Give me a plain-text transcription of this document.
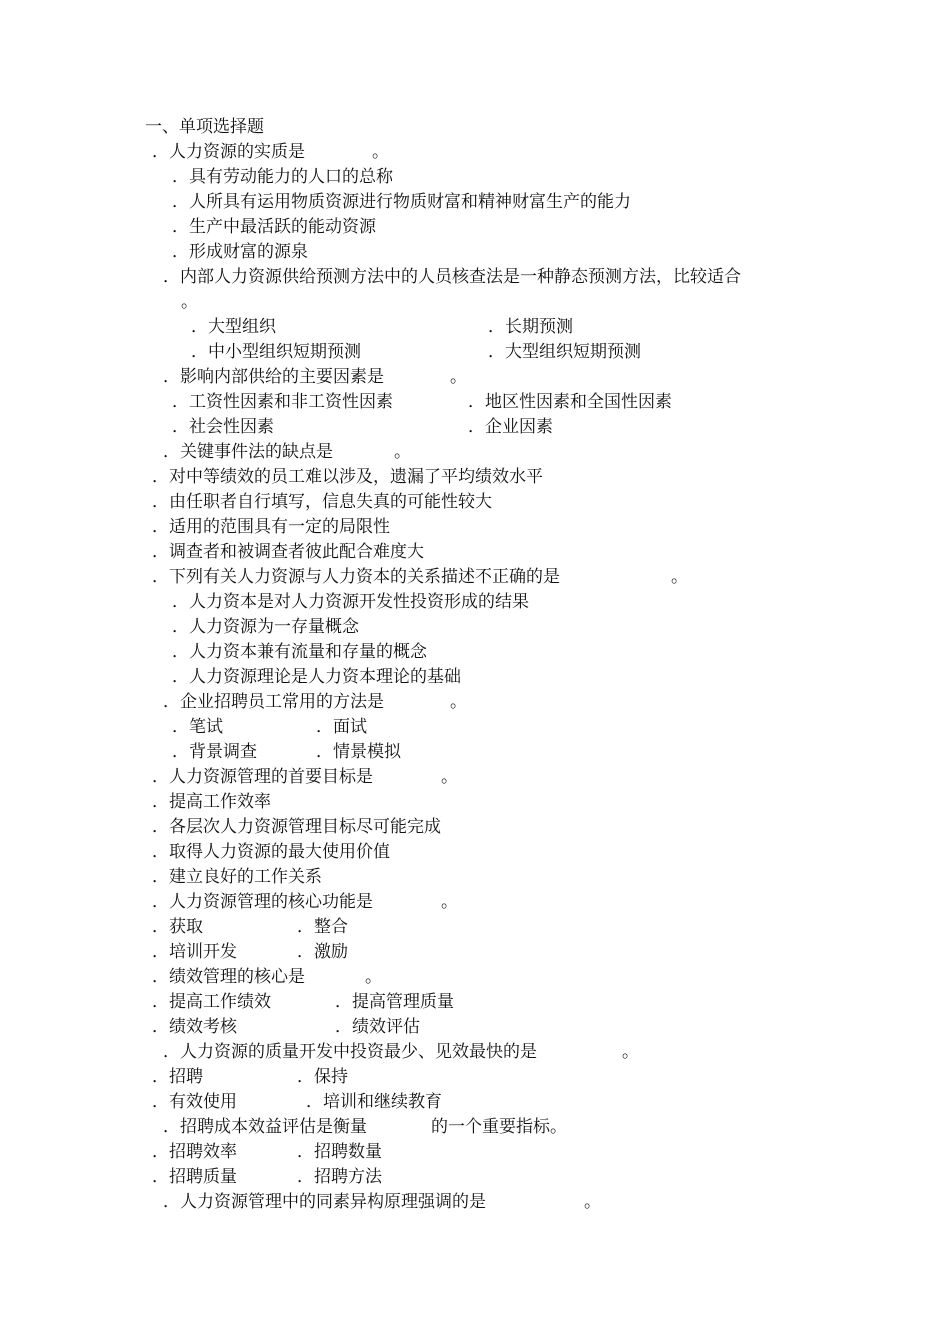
一、单项选择题
．人力资源的实质是	。
．具有劳动能力的人口的总称
．人所具有运用物质资源进行物质财富和精神财富生产的能力
．生产中最活跃的能动资源
．形成财富的源泉
．内部人力资源供给预测方法中的人员核查法是一种静态预测方法，比较适合
。
．大型组织	．长期预测
．中小型组织短期预测	．大型组织短期预测
．影响内部供给的主要因素是	。
．工资性因素和非工资性因素	．地区性因素和全国性因素
．社会性因素	．企业因素
．关键事件法的缺点是	。
．对中等绩效的员工难以涉及，遗漏了平均绩效水平
．由任职者自行填写，信息失真的可能性较大
．适用的范围具有一定的局限性
．调查者和被调查者彼此配合难度大
．下列有关人力资源与人力资本的关系描述不正确的是	。
．人力资本是对人力资源开发性投资形成的结果
．人力资源为一存量概念
．人力资本兼有流量和存量的概念
．人力资源理论是人力资本理论的基础
．企业招聘员工常用的方法是	。
．笔试	．面试
．背景调查	．情景模拟
．人力资源管理的首要目标是	。
．提高工作效率
．各层次人力资源管理目标尽可能完成
．取得人力资源的最大使用价值
．建立良好的工作关系
．人力资源管理的核心功能是	。
．获取	．整合
．培训开发	．激励
．绩效管理的核心是	。
．提高工作绩效	．提高管理质量
．绩效考核	．绩效评估
．人力资源的质量开发中投资最少、见效最快的是	。
．招聘	．保持
．有效使用	．培训和继续教育
．招聘成本效益评估是衡量	的一个重要指标。
．招聘效率	．招聘数量
．招聘质量	．招聘方法
．人力资源管理中的同素异构原理强调的是	。
